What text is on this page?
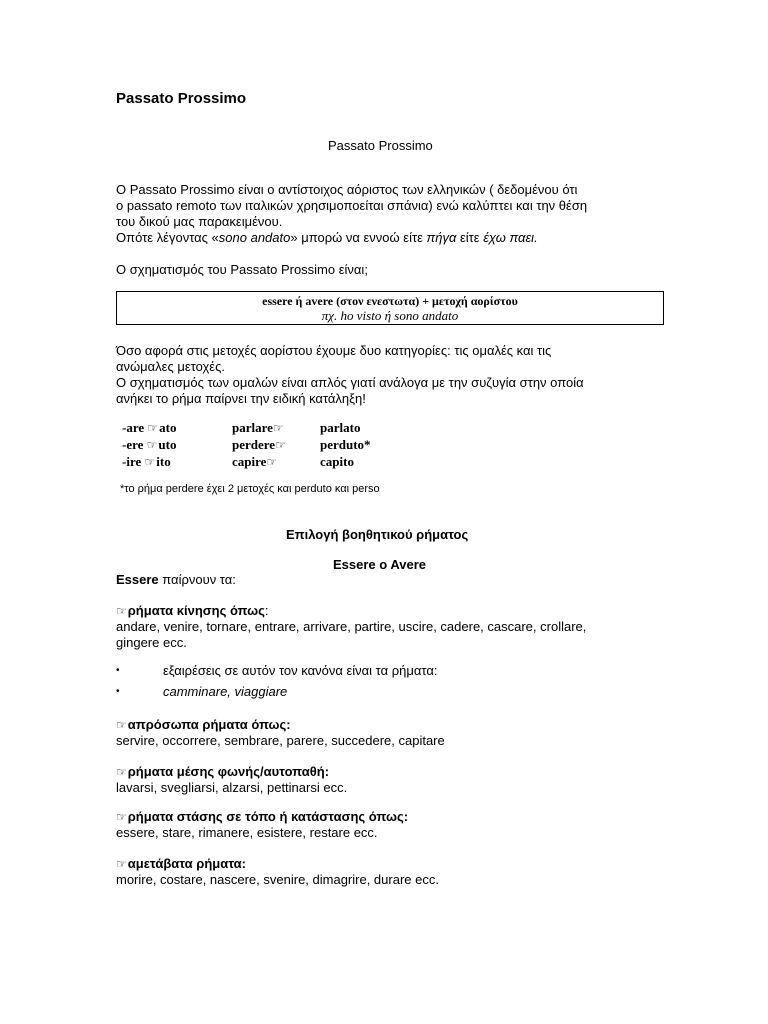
Passato Prossimo
Passato Prossimo
Ο Passato Prossimo είναι ο αντίστοιχος αόριστος των ελληνικών ( δεδομένου ότι
ο passato remoto των ιταλικών χρησιμοποείται σπάνια) ενώ καλύπτει και την θέση
του δικού μας παρακειμένου.
Οπότε λέγοντας «sono andato» μπορώ να εννοώ είτε πήγα είτε έχω παει.
Ο σχηματισμός του Passato Prossimo είναι;
essere ή avere (στον ενεστωτα) + μετοχή αορίστου
πχ. ho visto ή sono andato
Όσο αφορά στις μετοχές αορίστου έχουμε δυο κατηγορίες: τις ομαλές και τις
ανώμαλες μετοχές.
Ο σχηματισμός των ομαλών είναι απλός γιατί ανάλογα με την συζυγία στην οποία
ανήκει το ρήμα παίρνει την ειδική κατάληξη!
-are ☞ato	parlare☞	parlato
-ere ☞uto	perdere☞	perduto*
-ire ☞ito	capire☞	capito
*το ρήμα perdere έχει 2 μετοχές και perduto και perso
Επιλογή βοηθητικού ρήματος
Essere o Avere
Essere παίρνουν τα:
☞ρήματα κίνησης όπως:
andare, venire, tornare, entrare, arrivare, partire, uscire, cadere, cascare, crollare,
gingere ecc.
•	εξαιρέσεις σε αυτόν τον κανόνα είναι τα ρήματα:
•	camminare, viaggiare
☞απρόσωπα ρήματα όπως:
servire, occorrere, sembrare, parere, succedere, capitare
☞ρήματα μέσης φωνής/αυτοπαθή:
lavarsi, svegliarsi, alzarsi, pettinarsi ecc.
☞ρήματα στάσης σε τόπο ή κατάστασης όπως:
essere, stare, rimanere, esistere, restare ecc.
☞αμετάβατα ρήματα:
morire, costare, nascere, svenire, dimagrire, durare ecc.
